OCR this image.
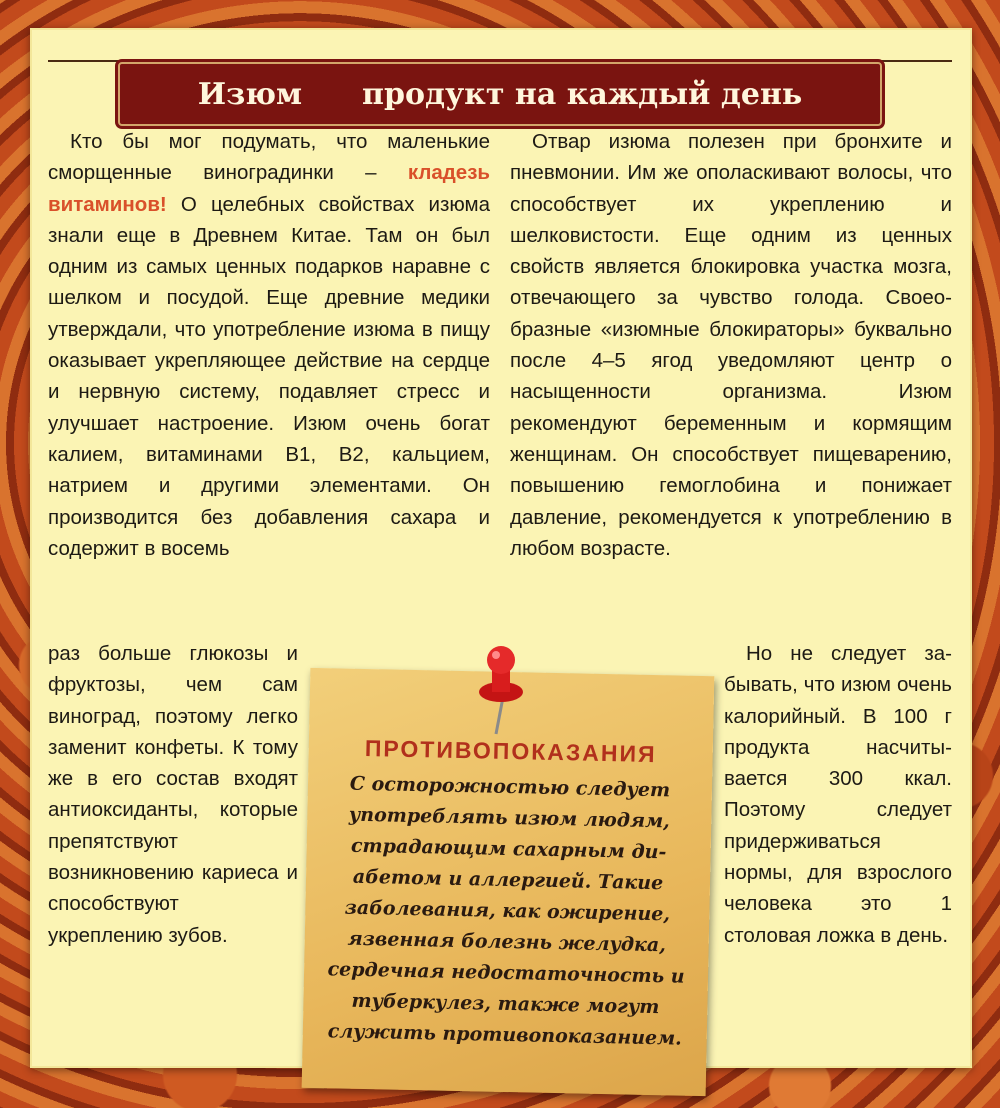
Изюм продукт на каждый день

Кто бы мог подумать, что маленькие сморщенные виноградинки – кладезь витаминов! О целебных свойствах изюма знали еще в Древнем Китае. Там он был одним из самых ценных подарков наравне с шелком и посудой. Еще древние медики утверждали, что употребление изюма в пищу оказывает укрепляющее действие на сердце и нервную систему, подавляет стресс и улучшает настроение. Изюм очень богат калием, витаминами B1, B2, кальцием, натрием и другими элементами. Он производится без добавления сахара и содержит в восемь

раз больше глюкозы и фруктозы, чем сам виноград, поэтому легко заменит конфеты. К тому же в его состав входят антиоксиданты, которые препятствуют возникновению кариеса и способствуют укреплению зубов.

Отвар изюма полезен при бронхите и пневмонии. Им же ополаскивают волосы, что способствует их укреплению и шелковистости. Еще одним из ценных свойств является блокировка участка мозга, отвечающего за чувство голода. Своеобразные «изюмные блокираторы» буквально после 4–5 ягод уведомляют центр о насыщенности организма. Изюм рекомендуют беременным и кормящим женщинам. Он способствует пищеварению, повышению гемоглобина и понижает давление, рекомендуется к употреблению в любом возрасте.

Но не следует забывать, что изюм очень калорийный. В 100 г продукта насчитывается 300 ккал. Поэтому следует придерживаться нормы, для взрослого человека это 1 столовая ложка в день.

ПРОТИВОПОКАЗАНИЯ
С осторожностью следует употреблять изюм людям, страдающим сахарным диабетом и аллергией. Такие заболевания, как ожирение, язвенная болезнь желудка, сердечная недостаточность и туберкулез, также могут служить противопоказанием.
